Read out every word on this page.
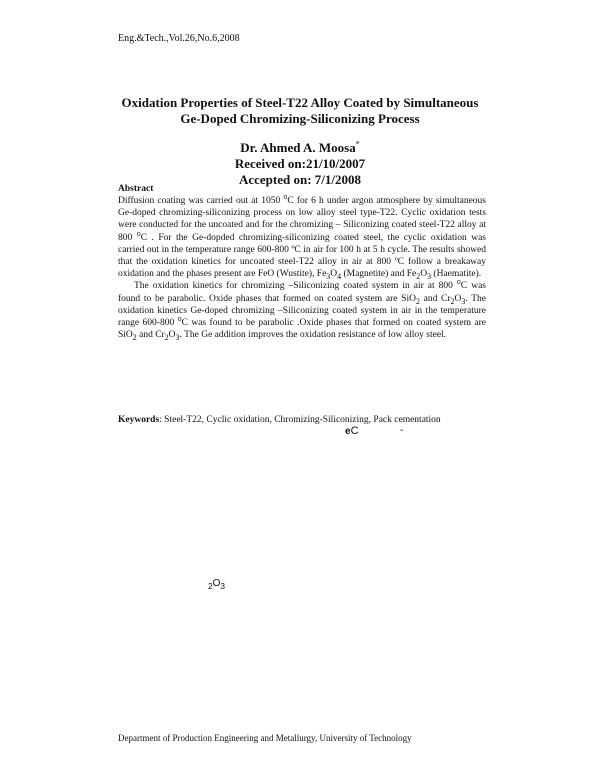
Eng.&Tech.,Vol.26,No.6,2008
Oxidation Properties of Steel-T22 Alloy Coated by Simultaneous
Ge-Doped Chromizing-Siliconizing Process
Dr. Ahmed A. Moosa*
Received on:21/10/2007
Accepted on: 7/1/2008
Abstract

Diffusion coating was carried out at 1050 $^o$C for 6 h under argon atmosphere by simultaneous Ge-doped chromizing-siliconizing process on low alloy steel type-T22. Cyclic oxidation tests were conducted for the uncoated and for the chromizing – Siliconizing coated steel-T22 alloy at 800 $^o$C . For the Ge-dopded chromizing-siliconizing coated steel, the cyclic oxidation was carried out in the temperature range 600-800 ºC in air for 100 h at 5 h cycle. The results showed that the oxidation kinetics for uncoated steel-T22 alloy in air at 800 ºC follow a breakaway oxidation and the phases present are FeO (Wustite), $Fe_3O_4$ (Magnetite) and $Fe_2O_3$ (Haematite).

The oxidation kinetics for chromizing –Siliconizing coated system in air at 800 $^o$C was found to be parabolic. Oxide phases that formed on coated system are SiO$_2$ and $Cr_2O_3$. The oxidation kinetics Ge-doped chromizing –Siliconizing coated system in air in the temperature range 600-800 $^o$C was found to be parabolic .Oxide phases that formed on coated system are SiO$_2$ and $Cr_2O_3$. The Ge addition improves the oxidation resistance of low alloy steel.

Keywords: Steel-T22, Cyclic oxidation, Chromizing-Siliconizing, Pack cementation
eC	-
$_2O_3$
Department of Production Engineering and Metallurgy, University of Technology
